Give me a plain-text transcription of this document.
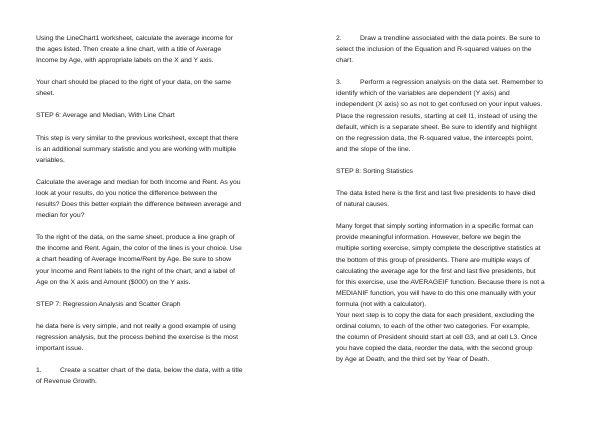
Using the LineChart1 worksheet, calculate the average income for
the ages listed. Then create a line chart, with a title of Average
Income by Age, with appropriate labels on the X and Y axis.

Your chart should be placed to the right of your data, on the same
sheet.

STEP 6: Average and Median, With Line Chart

This step is very similar to the previous worksheet, except that there
is an additional summary statistic and you are working with multiple
variables.

Calculate the average and median for both Income and Rent. As you
look at your results, do you notice the difference between the
results? Does this better explain the difference between average and
median for you?

To the right of the data, on the same sheet, produce a line graph of
the Income and Rent. Again, the color of the lines is your choice. Use
a chart heading of Average Income/Rent by Age. Be sure to show
your Income and Rent labels to the right of the chart, and a label of
Age on the X axis and Amount ($000) on the Y axis.

STEP 7: Regression Analysis and Scatter Graph

he data here is very simple, and not really a good example of using
regression analysis, but the process behind the exercise is the most
important issue.

1.	Create a scatter chart of the data, below the data, with a title
of Revenue Growth.

2.	Draw a trendline associated with the data points. Be sure to
select the inclusion of the Equation and R-squared values on the
chart.

3.	Perform a regression analysis on the data set. Remember to
identify which of the variables are dependent (Y axis) and
independent (X axis) so as not to get confused on your input values.
Place the regression results, starting at cell I1, instead of using the
default, which is a separate sheet. Be sure to identify and highlight
on the regression data, the R-squared value, the intercepts point,
and the slope of the line.

STEP 8: Sorting Statistics

The data listed here is the first and last five presidents to have died
of natural causes.

Many forget that simply sorting information in a specific format can
provide meaningful information. However, before we begin the
multiple sorting exercise, simply complete the descriptive statistics at
the bottom of this group of presidents. There are multiple ways of
calculating the average age for the first and last five presidents, but
for this exercise, use the AVERAGEIF function. Because there is not a
MEDIANIF function, you will have to do this one manually with your
formula (not with a calculator).

Your next step is to copy the data for each president, excluding the
ordinal column, to each of the other two categories. For example,
the column of President should start at cell G3, and at cell L3. Once
you have copied the data, reorder the data, with the second group
by Age at Death, and the third set by Year of Death.
